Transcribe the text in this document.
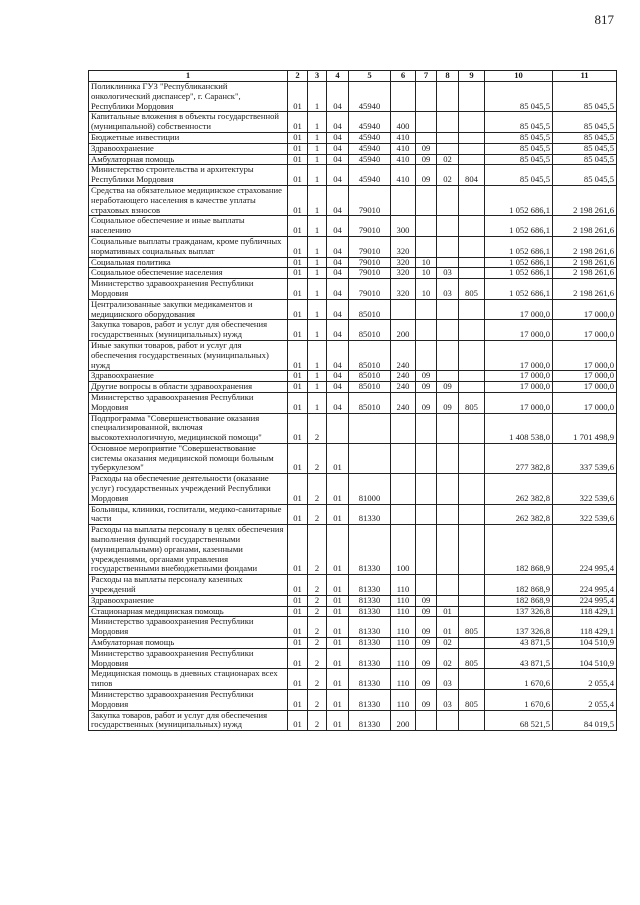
817
1	2	3	4	5	6	7	8	9	10	11
Поликлиника ГУЗ "Республиканский онкологический диспансер", г. Саранск", Республики Мордовия	01	1	04	45940					85 045,5	85 045,5
Капитальные вложения в объекты государственной (муниципальной) собственности	01	1	04	45940	400				85 045,5	85 045,5
Бюджетные инвестиции	01	1	04	45940	410				85 045,5	85 045,5
Здравоохранение	01	1	04	45940	410	09			85 045,5	85 045,5
Амбулаторная помощь	01	1	04	45940	410	09	02		85 045,5	85 045,5
Министерство строительства и архитектуры Республики Мордовия	01	1	04	45940	410	09	02	804	85 045,5	85 045,5
Средства на обязательное медицинское страхование неработающего населения в качестве уплаты страховых взносов	01	1	04	79010					1 052 686,1	2 198 261,6
Социальное обеспечение и иные выплаты населению	01	1	04	79010	300				1 052 686,1	2 198 261,6
Социальные выплаты гражданам, кроме публичных нормативных социальных выплат	01	1	04	79010	320				1 052 686,1	2 198 261,6
Социальная политика	01	1	04	79010	320	10			1 052 686,1	2 198 261,6
Социальное обеспечение населения	01	1	04	79010	320	10	03		1 052 686,1	2 198 261,6
Министерство здравоохранения Республики Мордовия	01	1	04	79010	320	10	03	805	1 052 686,1	2 198 261,6
Централизованные закупки медикаментов и медицинского оборудования	01	1	04	85010					17 000,0	17 000,0
Закупка товаров, работ и услуг для обеспечения государственных (муниципальных) нужд	01	1	04	85010	200				17 000,0	17 000,0
Иные закупки товаров, работ и услуг для обеспечения государственных (муниципальных) нужд	01	1	04	85010	240				17 000,0	17 000,0
Здравоохранение	01	1	04	85010	240	09			17 000,0	17 000,0
Другие вопросы в области здравоохранения	01	1	04	85010	240	09	09		17 000,0	17 000,0
Министерство здравоохранения Республики Мордовия	01	1	04	85010	240	09	09	805	17 000,0	17 000,0
Подпрограмма "Совершенствование оказания специализированной, включая высокотехнологичную, медицинской помощи"	01	2							1 408 538,0	1 701 498,9
Основное мероприятие "Совершенствование системы оказания медицинской помощи больным туберкулезом"	01	2	01						277 382,8	337 539,6
Расходы на обеспечение деятельности (оказание услуг) государственных учреждений Республики Мордовия	01	2	01	81000					262 382,8	322 539,6
Больницы, клиники, госпитали, медико-санитарные части	01	2	01	81330					262 382,8	322 539,6
Расходы на выплаты персоналу в целях обеспечения выполнения функций государственными (муниципальными) органами, казенными учреждениями, органами управления государственными внебюджетными фондами	01	2	01	81330	100				182 868,9	224 995,4
Расходы на выплаты персоналу казенных учреждений	01	2	01	81330	110				182 868,9	224 995,4
Здравоохранение	01	2	01	81330	110	09			182 868,9	224 995,4
Стационарная медицинская помощь	01	2	01	81330	110	09	01		137 326,8	118 429,1
Министерство здравоохранения Республики Мордовия	01	2	01	81330	110	09	01	805	137 326,8	118 429,1
Амбулаторная помощь	01	2	01	81330	110	09	02		43 871,5	104 510,9
Министерство здравоохранения Республики Мордовия	01	2	01	81330	110	09	02	805	43 871,5	104 510,9
Медицинская помощь в дневных стационарах всех типов	01	2	01	81330	110	09	03		1 670,6	2 055,4
Министерство здравоохранения Республики Мордовия	01	2	01	81330	110	09	03	805	1 670,6	2 055,4
Закупка товаров, работ и услуг для обеспечения государственных (муниципальных) нужд	01	2	01	81330	200				68 521,5	84 019,5
